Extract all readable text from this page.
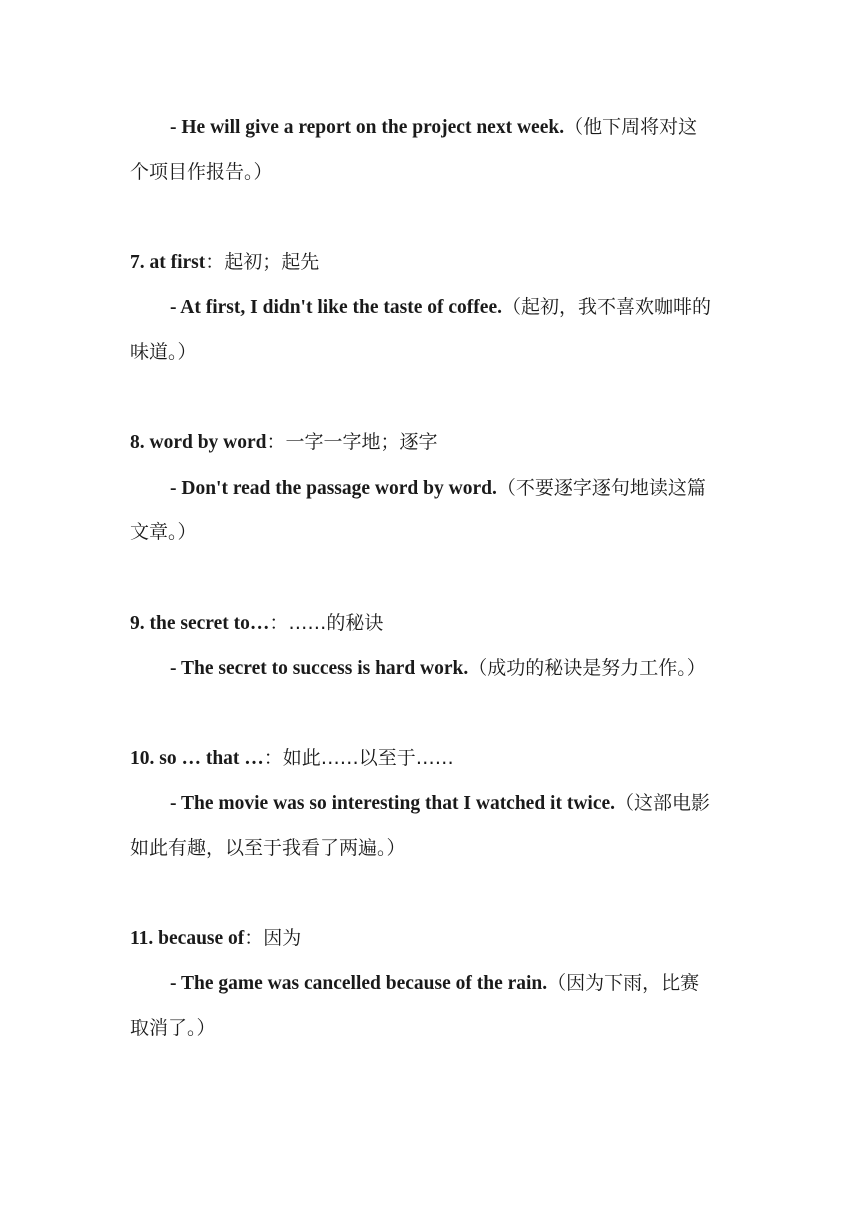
- He will give a report on the project next week.（他下周将对这
个项目作报告。）
7. at first：起初；起先
- At first, I didn't like the taste of coffee.（起初，我不喜欢咖啡的
味道。）
8. word by word：一字一字地；逐字
- Don't read the passage word by word.（不要逐字逐句地读这篇
文章。）
9. the secret to…：……的秘诀
- The secret to success is hard work.（成功的秘诀是努力工作。）
10. so … that …：如此……以至于……
- The movie was so interesting that I watched it twice.（这部电影
如此有趣，以至于我看了两遍。）
11. because of：因为
- The game was cancelled because of the rain.（因为下雨，比赛
取消了。）
